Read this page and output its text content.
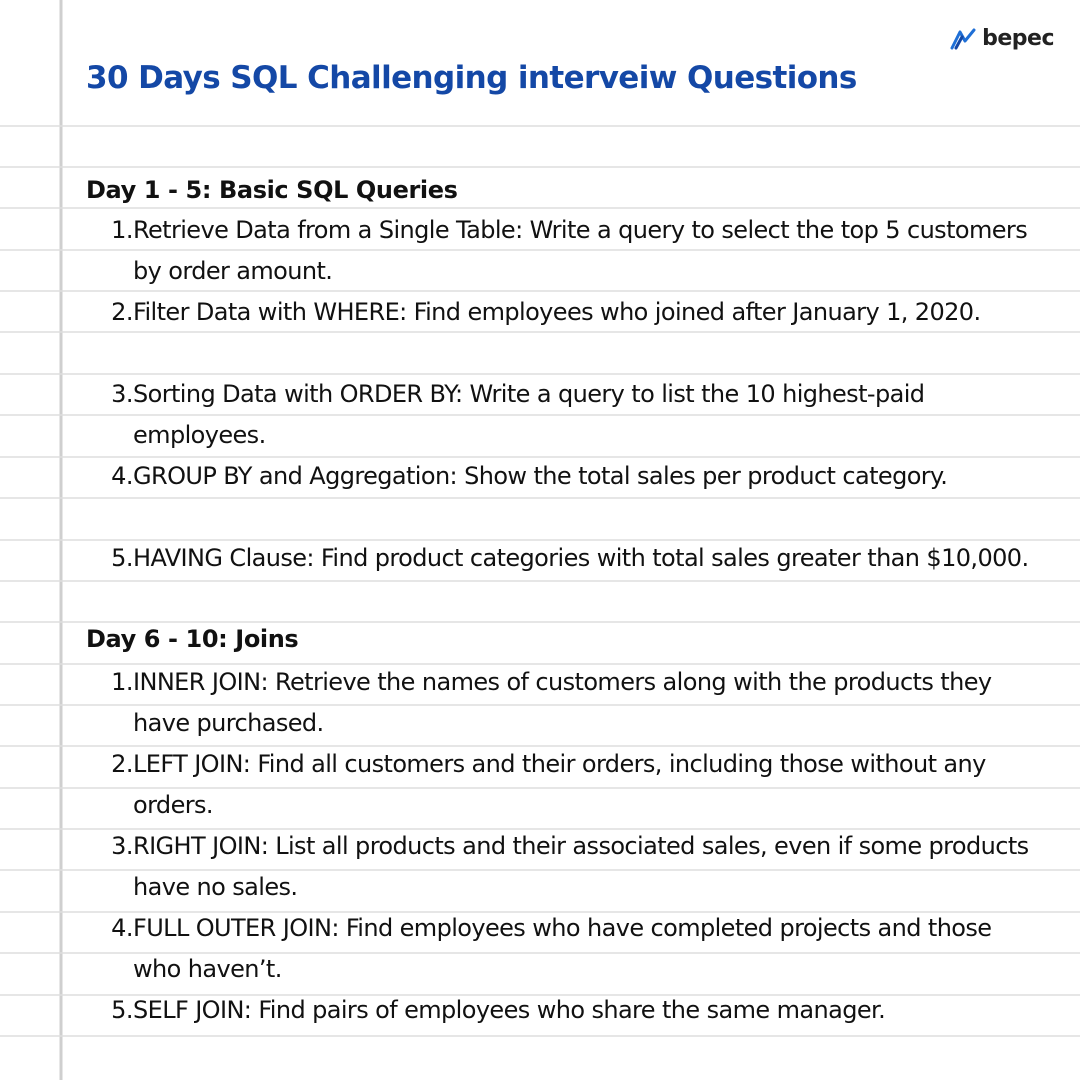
bepec
30 Days SQL Challenging interveiw Questions
Day 1 - 5: Basic SQL Queries
1. Retrieve Data from a Single Table: Write a query to select the top 5 customers by order amount.
2. Filter Data with WHERE: Find employees who joined after January 1, 2020.
3. Sorting Data with ORDER BY: Write a query to list the 10 highest-paid employees.
4. GROUP BY and Aggregation: Show the total sales per product category.
5. HAVING Clause: Find product categories with total sales greater than $10,000.
Day 6 - 10: Joins
1. INNER JOIN: Retrieve the names of customers along with the products they have purchased.
2. LEFT JOIN: Find all customers and their orders, including those without any orders.
3. RIGHT JOIN: List all products and their associated sales, even if some products have no sales.
4. FULL OUTER JOIN: Find employees who have completed projects and those who haven’t.
5. SELF JOIN: Find pairs of employees who share the same manager.
